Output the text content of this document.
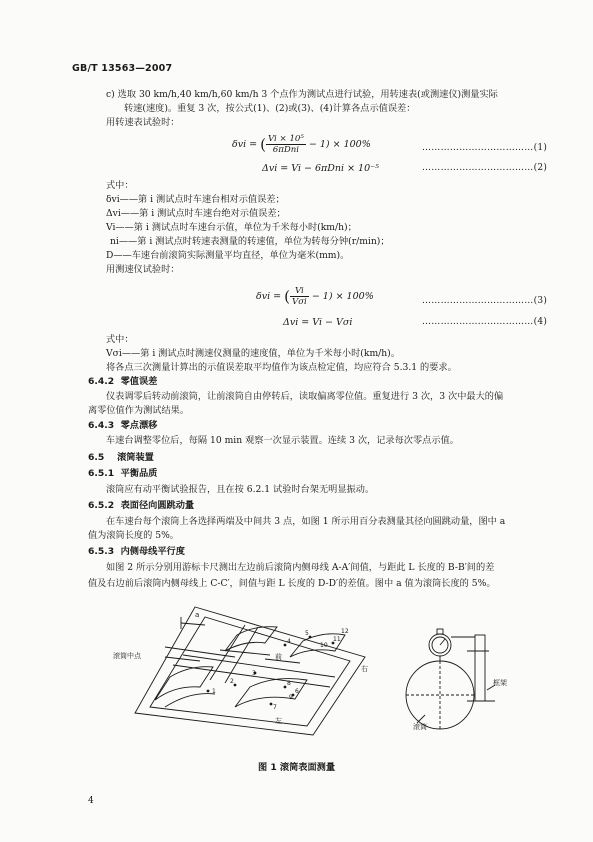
GB/T 13563—2007
c) 选取 30 km/h,40 km/h,60 km/h 3 个点作为测试点进行试验，用转速表(或测速仪)测量实际
转速(速度)。重复 3 次，按公式(1)、(2)或(3)、(4)计算各点示值误差：
用转速表试验时：
δvi = ( $\frac{\text{Vi × 10⁵}}{\text{6πDni}} - 1) \times 100\%$	………………………………(1)
Δvi = Vi − 6πDni × 10⁻⁵	………………………………(2)
式中：
δvi——第 i 测试点时车速台相对示值误差；
Δvi——第 i 测试点时车速台绝对示值误差；
Vi——第 i 测试点时车速台示值，单位为千米每小时(km/h)；
ni——第 i 测试点时转速表测量的转速值，单位为转每分钟(r/min)；
D——车速台前滚筒实际测量平均直径，单位为毫米(mm)。
用测速仪试验时：
δvi = ( $\frac{Vi}{\text{Vσi}} - 1) \times 100\%$	………………………………(3)
Δvi = Vi − Vσi	………………………………(4)
式中：
Vσi——第 i 测试点时测速仪测量的速度值，单位为千米每小时(km/h)。
将各点三次测量计算出的示值误差取平均值作为该点检定值，均应符合 5.3.1 的要求。
6.4.2 零值误差
仪表调零后转动前滚筒，让前滚筒自由停转后，读取偏离零位值。重复进行 3 次，3 次中最大的偏
离零位值作为测试结果。
6.4.3 零点漂移
车速台调整零位后，每隔 10 min 观察一次显示装置。连续 3 次，记录每次零点示值。
6.5 滚筒装置
6.5.1 平衡品质
滚筒应有动平衡试验报告，且在按 6.2.1 试验时台架无明显振动。
6.5.2 表面径向圆跳动量
在车速台每个滚筒上各选择两端及中间共 3 点，如图 1 所示用百分表测量其径向圆跳动量，图中 a
值为滚筒长度的 5%。
6.5.3 内侧母线平行度
如图 2 所示分别用游标卡尺测出左边前后滚筒内侧母线 A-A′间值，与距此 L 长度的 B-B′间的差
值及右边前后滚筒内侧母线上 C-C′，间值与距 L 长度的 D-D′的差值。图中 a 值为滚筒长度的 5%。
a
滚筒中点	前
右
左
1
2
3
4
5
6
7
8
9
10
11
12
滚筒
框架
图 1 滚筒表面测量
4
